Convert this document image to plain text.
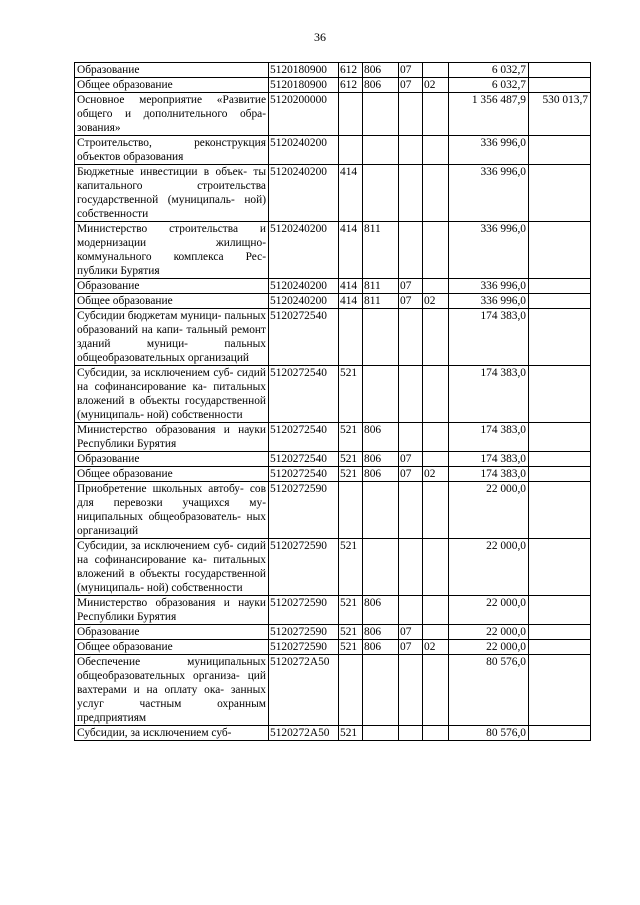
36
Образование	5120180900	612	806	07		6 032,7	
Общее образование	5120180900	612	806	07	02	6 032,7	
Основное мероприятие «Развитие общего и дополнительного обра- зования»	5120200000					1 356 487,9	530 013,7
Строительство, реконструкция объектов образования	5120240200					336 996,0	
Бюджетные инвестиции в объек- ты капитального строительства государственной (муниципаль- ной) собственности	5120240200	414				336 996,0	
Министерство строительства и модернизации жилищно- коммунального комплекса Рес- публики Бурятия	5120240200	414	811			336 996,0	
Образование	5120240200	414	811	07		336 996,0	
Общее образование	5120240200	414	811	07	02	336 996,0	
Субсидии бюджетам муници- пальных образований на капи- тальный ремонт зданий муници- пальных общеобразовательных организаций	5120272540					174 383,0	
Субсидии, за исключением суб- сидий на софинансирование ка- питальных вложений в объекты государственной (муниципаль- ной) собственности	5120272540	521				174 383,0	
Министерство образования и науки Республики Бурятия	5120272540	521	806			174 383,0	
Образование	5120272540	521	806	07		174 383,0	
Общее образование	5120272540	521	806	07	02	174 383,0	
Приобретение школьных автобу- сов для перевозки учащихся му- ниципальных общеобразователь- ных организаций	5120272590					22 000,0	
Субсидии, за исключением суб- сидий на софинансирование ка- питальных вложений в объекты государственной (муниципаль- ной) собственности	5120272590	521				22 000,0	
Министерство образования и науки Республики Бурятия	5120272590	521	806			22 000,0	
Образование	5120272590	521	806	07		22 000,0	
Общее образование	5120272590	521	806	07	02	22 000,0	
Обеспечение муниципальных общеобразовательных организа- ций вахтерами и на оплату ока- занных услуг частным охранным предприятиям	5120272А50					80 576,0	
Субсидии, за исключением суб-	5120272А50	521				80 576,0	
